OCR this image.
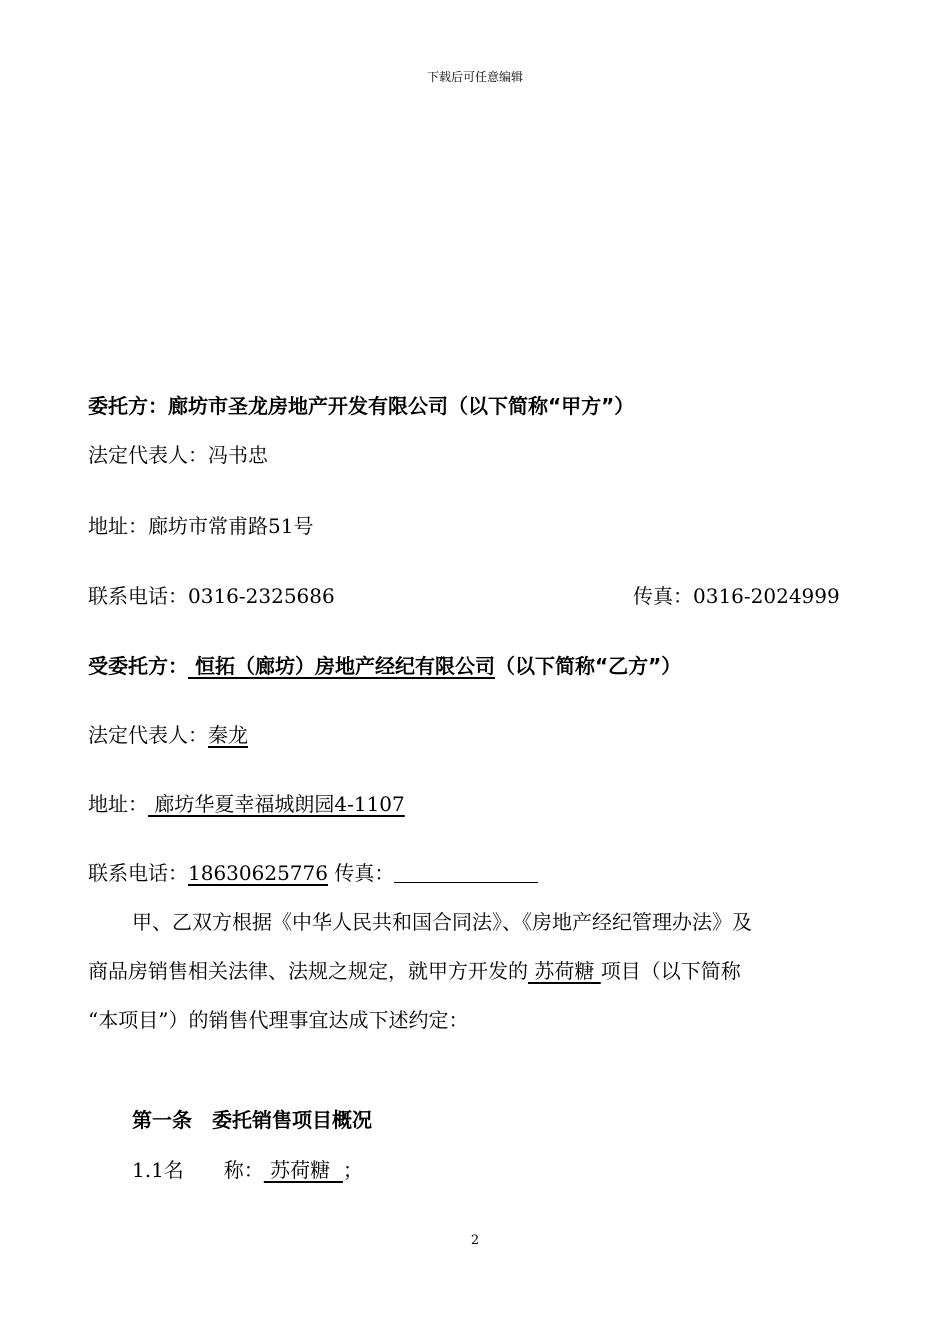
下载后可任意编辑
委托方：廊坊市圣龙房地产开发有限公司（以下简称“甲方”）
法定代表人：冯书忠
地址：廊坊市常甫路51号
联系电话：0316-2325686	传真：0316-2024999
受委托方： 恒拓（廊坊）房地产经纪有限公司（以下简称“乙方”）
法定代表人：秦龙
地址： 廊坊华夏幸福城朗园4-1107
联系电话：18630625776 传真：
甲、乙双方根据《中华人民共和国合同法》、《房地产经纪管理办法》及
商品房销售相关法律、法规之规定，就甲方开发的 苏荷糖 项目（以下简称
“本项目”）的销售代理事宜达成下述约定：
第一条　委托销售项目概况
1.1名　　称： 苏荷糖  ；
2
